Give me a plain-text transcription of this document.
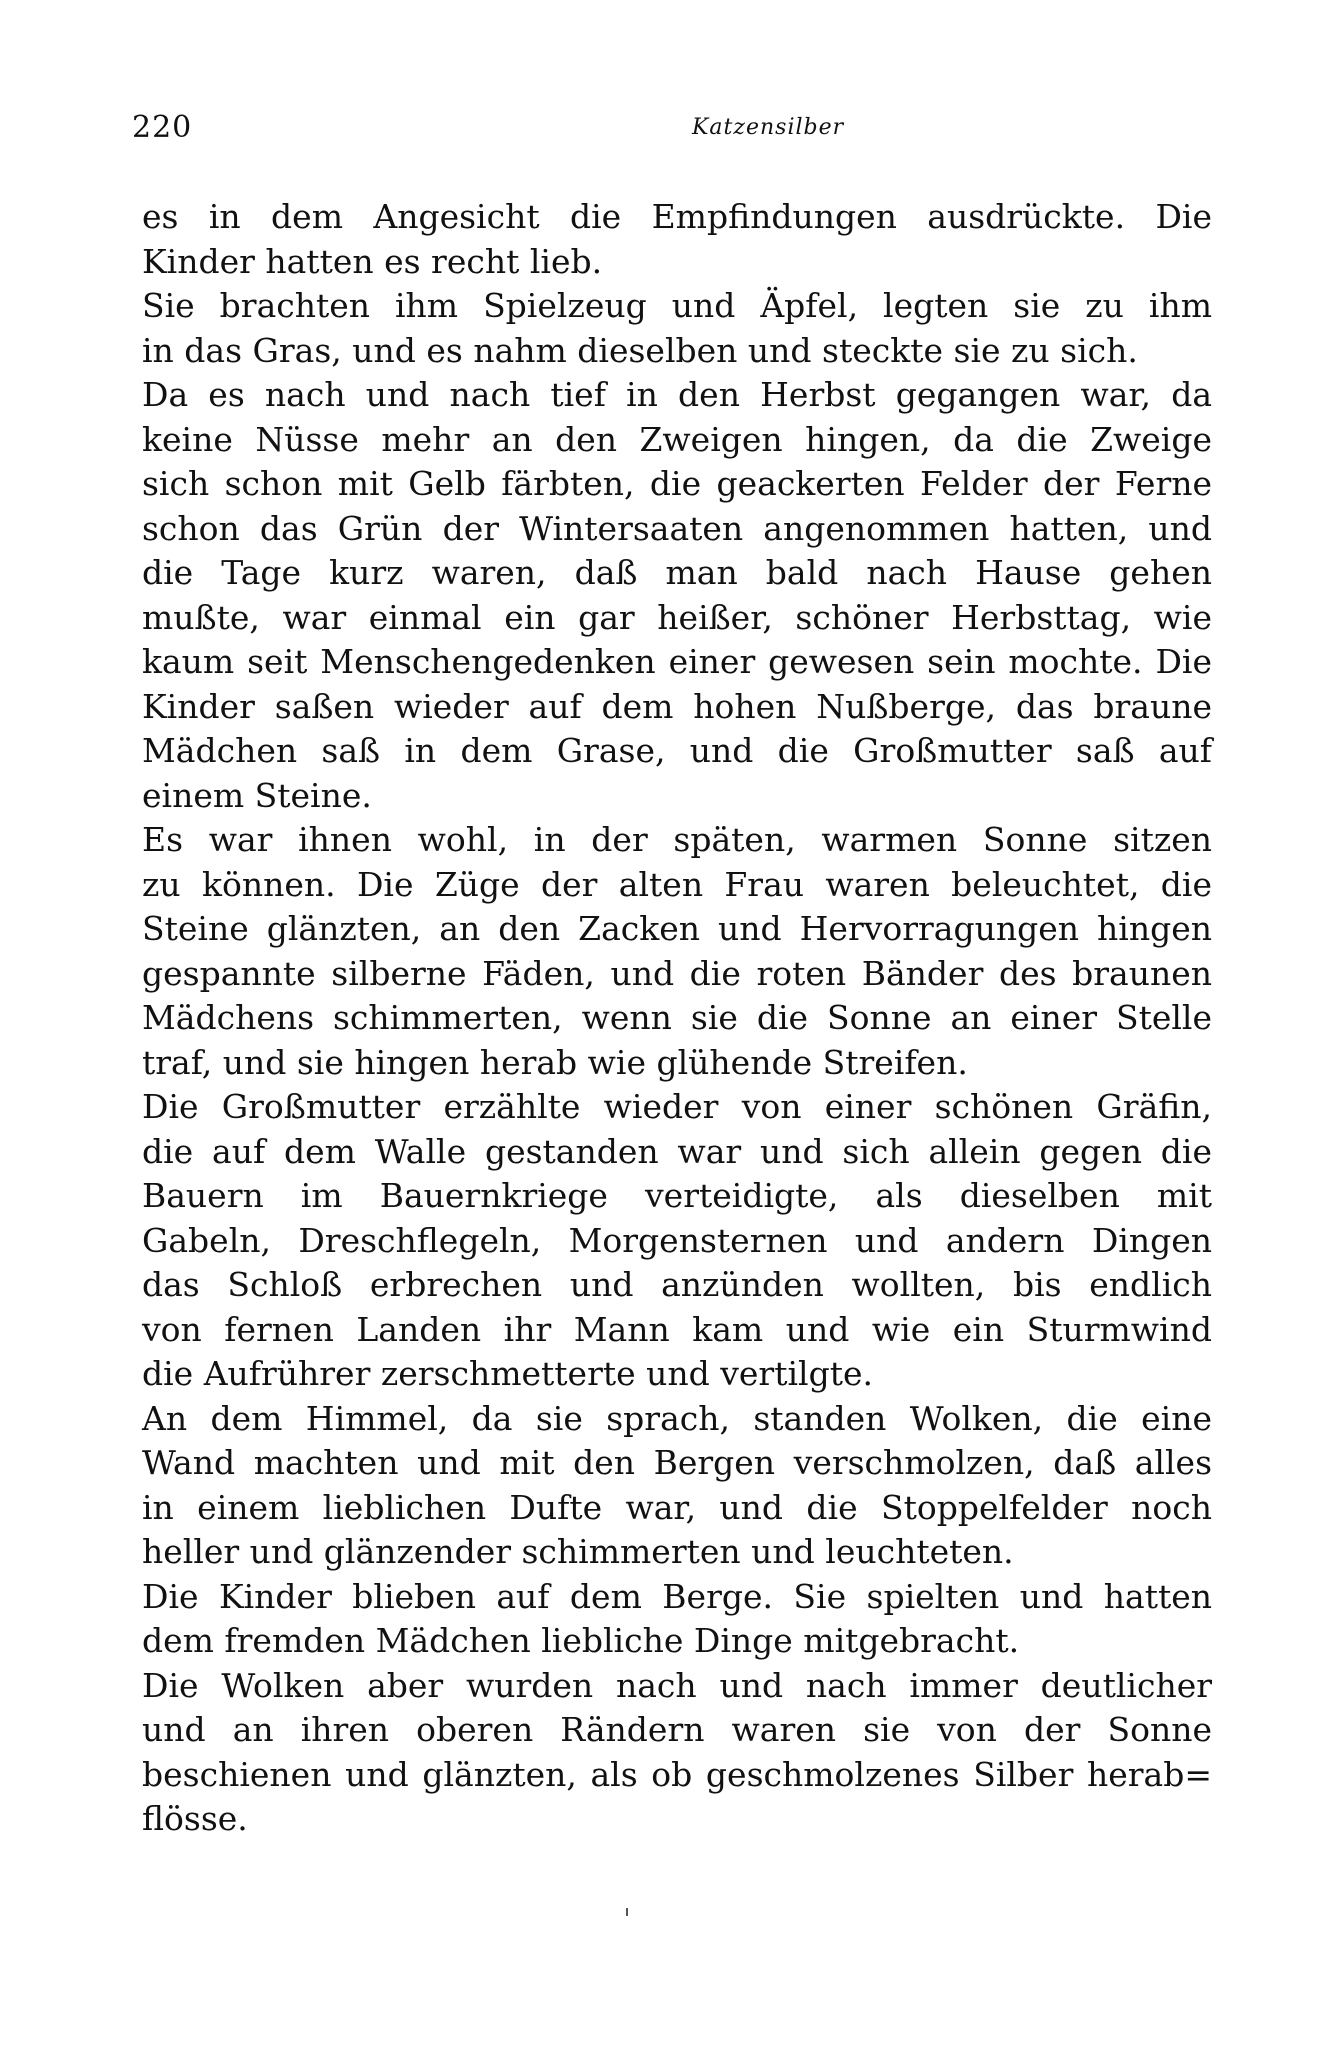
220	Katzensilber
es in dem Angesicht die Empfindungen ausdrückte. Die
Kinder hatten es recht lieb.
Sie brachten ihm Spielzeug und Äpfel, legten sie zu ihm
in das Gras, und es nahm dieselben und steckte sie zu sich.
Da es nach und nach tief in den Herbst gegangen war, da
keine Nüsse mehr an den Zweigen hingen, da die Zweige
sich schon mit Gelb färbten, die geackerten Felder der Ferne
schon das Grün der Wintersaaten angenommen hatten, und
die Tage kurz waren, daß man bald nach Hause gehen
mußte, war einmal ein gar heißer, schöner Herbsttag, wie
kaum seit Menschengedenken einer gewesen sein mochte. Die
Kinder saßen wieder auf dem hohen Nußberge, das braune
Mädchen saß in dem Grase, und die Großmutter saß auf
einem Steine.
Es war ihnen wohl, in der späten, warmen Sonne sitzen
zu können. Die Züge der alten Frau waren beleuchtet, die
Steine glänzten, an den Zacken und Hervorragungen hingen
gespannte silberne Fäden, und die roten Bänder des braunen
Mädchens schimmerten, wenn sie die Sonne an einer Stelle
traf, und sie hingen herab wie glühende Streifen.
Die Großmutter erzählte wieder von einer schönen Gräfin,
die auf dem Walle gestanden war und sich allein gegen die
Bauern im Bauernkriege verteidigte, als dieselben mit
Gabeln, Dreschflegeln, Morgensternen und andern Dingen
das Schloß erbrechen und anzünden wollten, bis endlich
von fernen Landen ihr Mann kam und wie ein Sturmwind
die Aufrührer zerschmetterte und vertilgte.
An dem Himmel, da sie sprach, standen Wolken, die eine
Wand machten und mit den Bergen verschmolzen, daß alles
in einem lieblichen Dufte war, und die Stoppelfelder noch
heller und glänzender schimmerten und leuchteten.
Die Kinder blieben auf dem Berge. Sie spielten und hatten
dem fremden Mädchen liebliche Dinge mitgebracht.
Die Wolken aber wurden nach und nach immer deutlicher
und an ihren oberen Rändern waren sie von der Sonne
beschienen und glänzten, als ob geschmolzenes Silber herab=
flösse.
